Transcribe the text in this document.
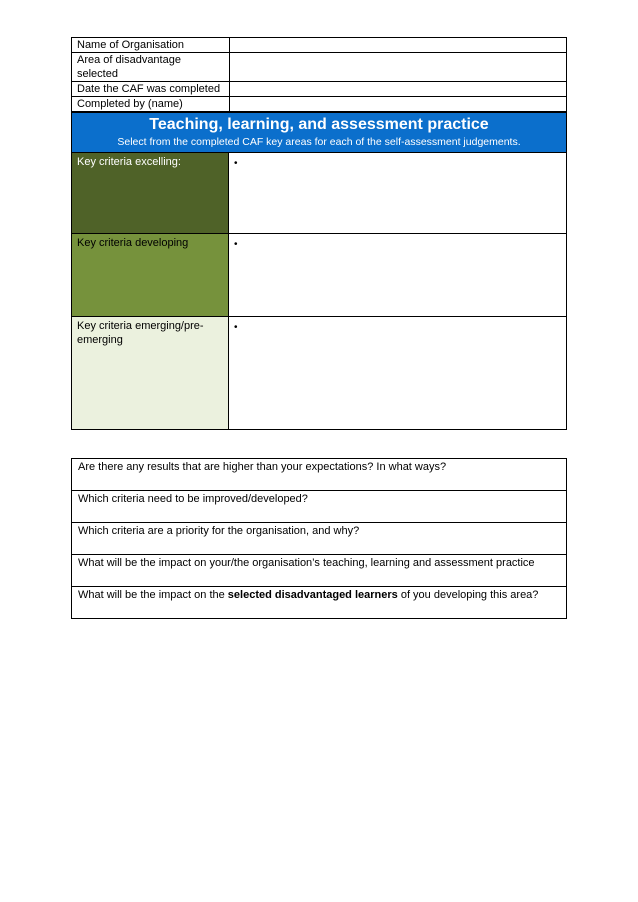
Name of Organisation	
Area of disadvantage selected	
Date the CAF was completed	
Completed by (name)	
Teaching, learning, and assessment practice
Select from the completed CAF key areas for each of the self-assessment judgements.	

Key criteria excelling:	•
Key criteria developing	•
Key criteria emerging/pre-emerging	•
Are there any results that are higher than your expectations? In what ways?
Which criteria need to be improved/developed?
Which criteria are a priority for the organisation, and why?
What will be the impact on your/the organisation’s teaching, learning and assessment practice
What will be the impact on the selected disadvantaged learners of you developing this area?
